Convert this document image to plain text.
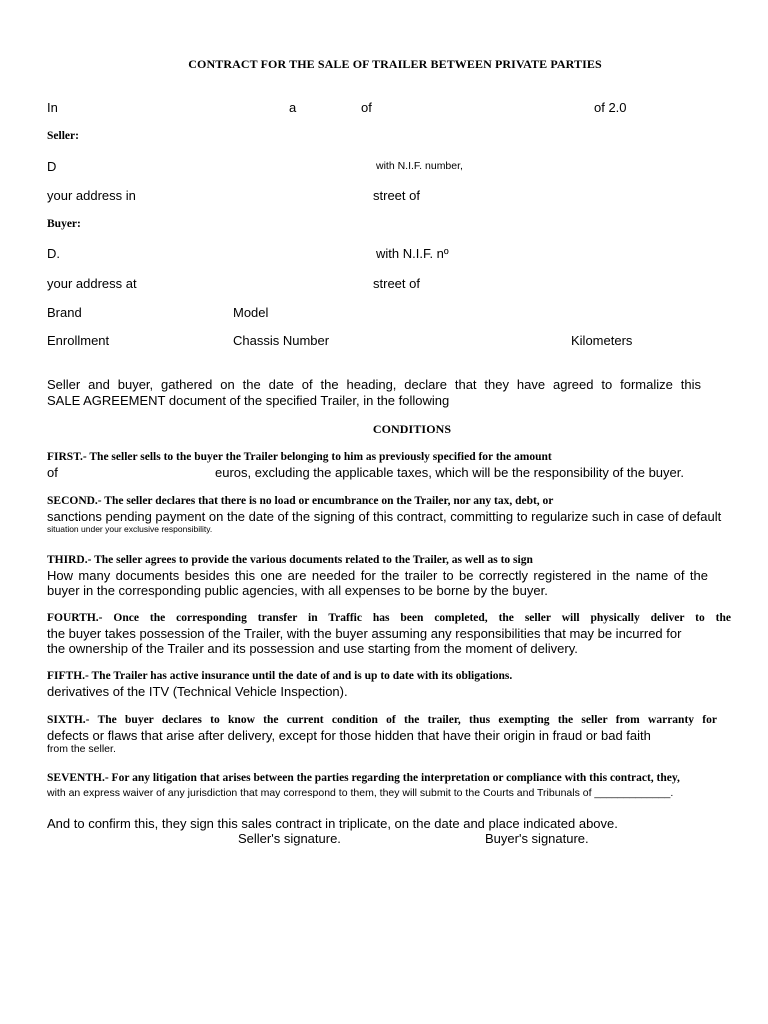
CONTRACT FOR THE SALE OF TRAILER BETWEEN PRIVATE PARTIES
In	a	of	of 2.0
Seller:
D	with N.I.F. number,
your address in	street of
Buyer:
D.	with N.I.F. nº
your address at	street of
Brand	Model
Enrollment	Chassis Number	Kilometers
Seller and buyer, gathered on the date of the heading, declare that they have agreed to formalize this
SALE AGREEMENT document of the specified Trailer, in the following
CONDITIONS
FIRST.- The seller sells to the buyer the Trailer belonging to him as previously specified for the amount
of	euros, excluding the applicable taxes, which will be the responsibility of the buyer.
SECOND.- The seller declares that there is no load or encumbrance on the Trailer, nor any tax, debt, or
sanctions pending payment on the date of the signing of this contract, committing to regularize such in case of default
situation under your exclusive responsibility.
THIRD.- The seller agrees to provide the various documents related to the Trailer, as well as to sign
How many documents besides this one are needed for the trailer to be correctly registered in the name of the
buyer in the corresponding public agencies, with all expenses to be borne by the buyer.
FOURTH.- Once the corresponding transfer in Traffic has been completed, the seller will physically deliver to the
the buyer takes possession of the Trailer, with the buyer assuming any responsibilities that may be incurred for
the ownership of the Trailer and its possession and use starting from the moment of delivery.
FIFTH.- The Trailer has active insurance until the date of and is up to date with its obligations.
derivatives of the ITV (Technical Vehicle Inspection).
SIXTH.- The buyer declares to know the current condition of the trailer, thus exempting the seller from warranty for
defects or flaws that arise after delivery, except for those hidden that have their origin in fraud or bad faith
from the seller.
SEVENTH.- For any litigation that arises between the parties regarding the interpretation or compliance with this contract, they,
with an express waiver of any jurisdiction that may correspond to them, they will submit to the Courts and Tribunals of _____________.
And to confirm this, they sign this sales contract in triplicate, on the date and place indicated above.
Seller's signature.	Buyer's signature.
